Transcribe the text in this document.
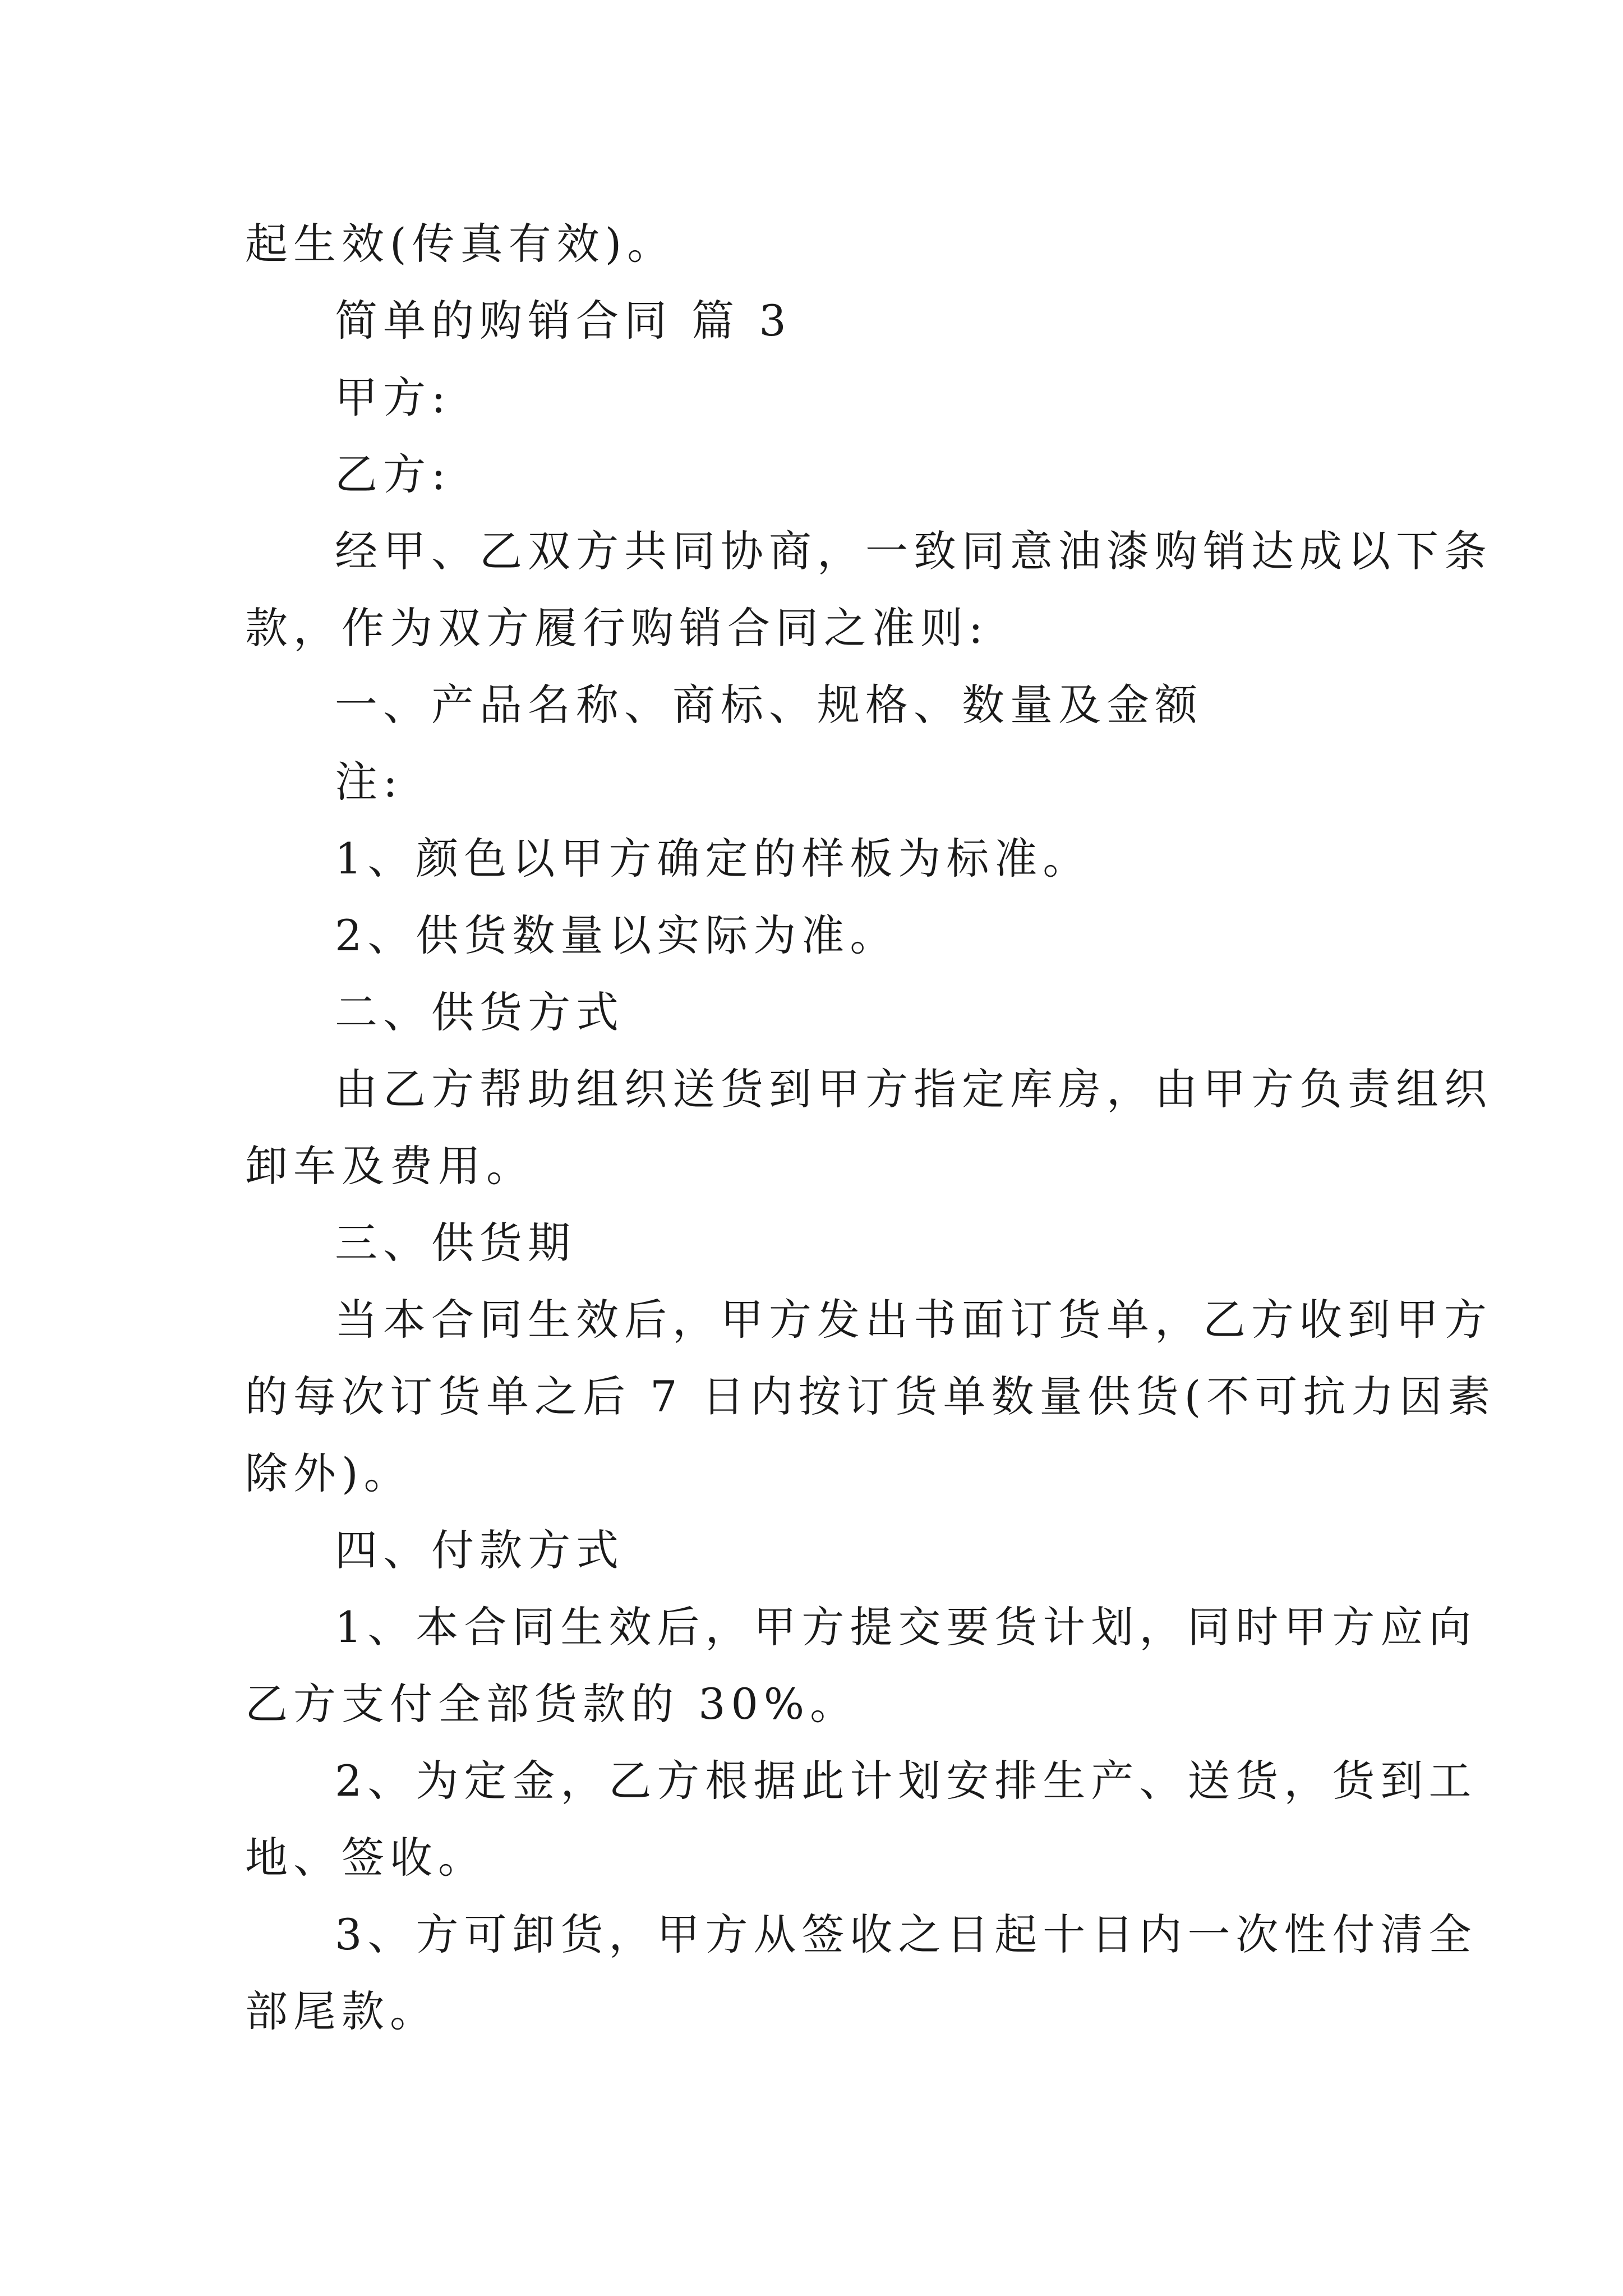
起生效(传真有效)。
简单的购销合同 篇 3
甲方:
乙方:
经甲、乙双方共同协商，一致同意油漆购销达成以下条
款，作为双方履行购销合同之准则:
一、产品名称、商标、规格、数量及金额
注:
1、颜色以甲方确定的样板为标准。
2、供货数量以实际为准。
二、供货方式
由乙方帮助组织送货到甲方指定库房，由甲方负责组织
卸车及费用。
三、供货期
当本合同生效后，甲方发出书面订货单，乙方收到甲方
的每次订货单之后 7 日内按订货单数量供货(不可抗力因素
除外)。
四、付款方式
1、本合同生效后，甲方提交要货计划，同时甲方应向
乙方支付全部货款的 30%。
2、为定金，乙方根据此计划安排生产、送货，货到工
地、签收。
3、方可卸货，甲方从签收之日起十日内一次性付清全
部尾款。
